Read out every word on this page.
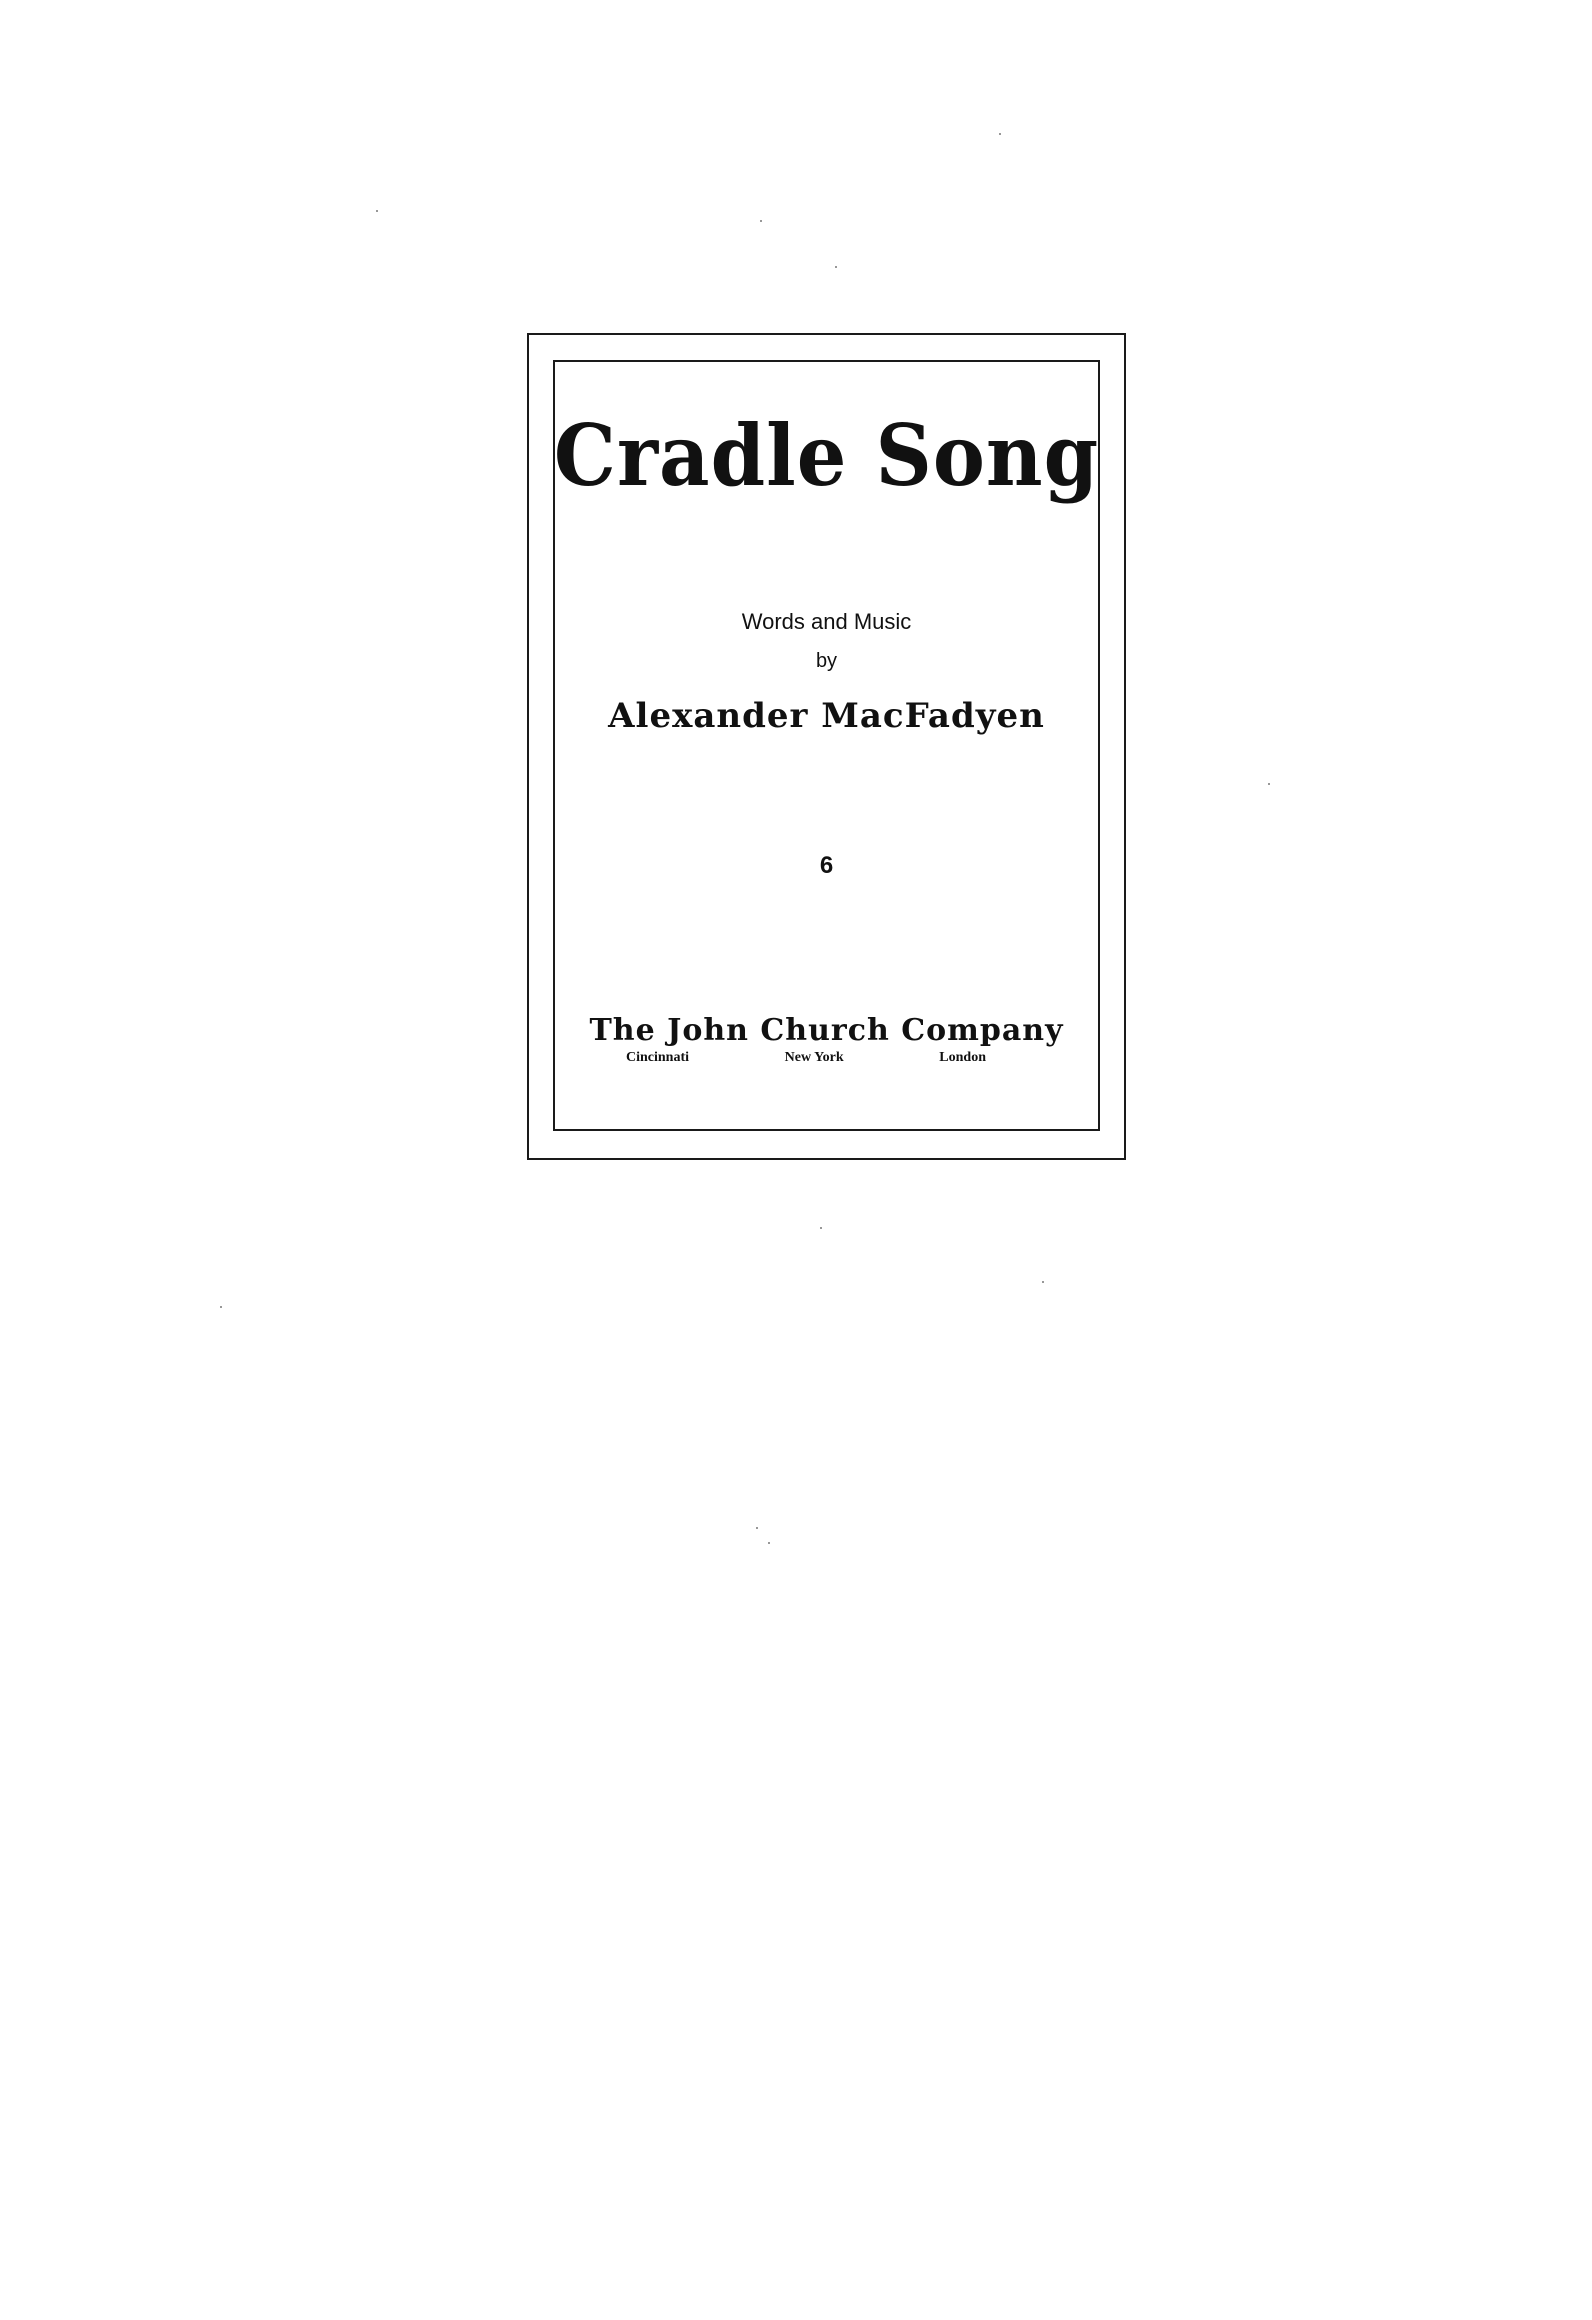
Cradle Song
Words and Music
by
Alexander MacFadyen
6
The John Church Company
Cincinnati	New York	London
